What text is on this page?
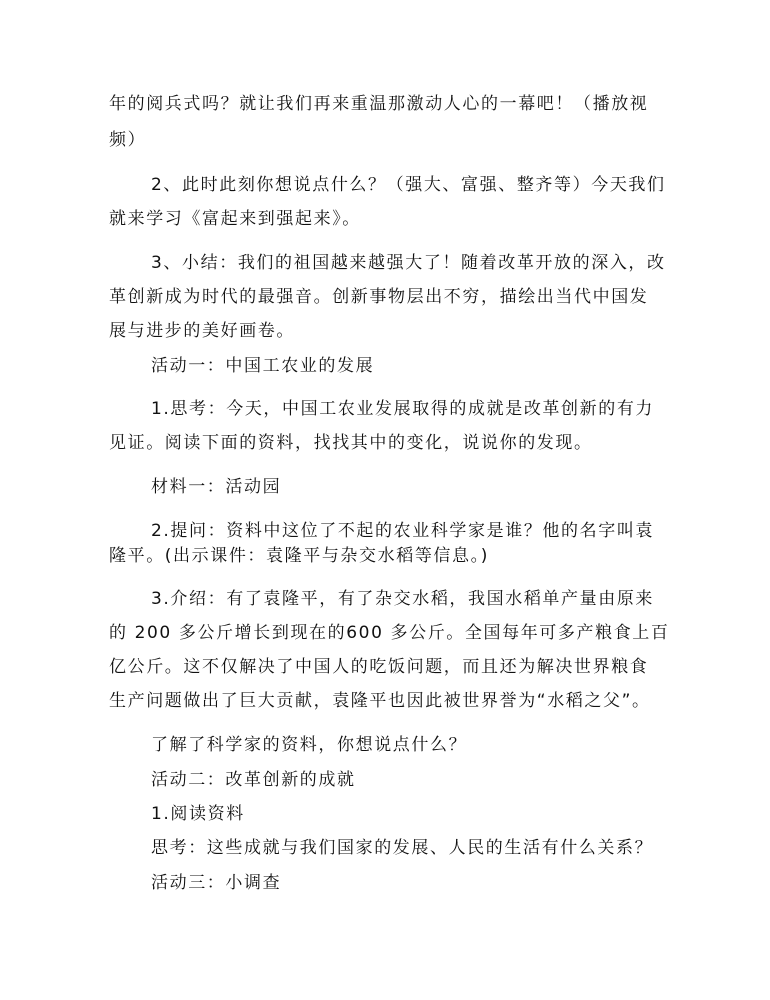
年的阅兵式吗？就让我们再来重温那激动人心的一幕吧！（播放视
频）
2、此时此刻你想说点什么？（强大、富强、整齐等）今天我们
就来学习《富起来到强起来》。
3、小结：我们的祖国越来越强大了！随着改革开放的深入，改
革创新成为时代的最强音。创新事物层出不穷，描绘出当代中国发
展与进步的美好画卷。
活动一：中国工农业的发展
1.思考：今天，中国工农业发展取得的成就是改革创新的有力
见证。阅读下面的资料，找找其中的变化，说说你的发现。
材料一：活动园
2.提问：资料中这位了不起的农业科学家是谁？他的名字叫袁
隆平。(出示课件：袁隆平与杂交水稻等信息。)
3.介绍：有了袁隆平，有了杂交水稻，我国水稻单产量由原来
的 200 多公斤增长到现在的600 多公斤。全国每年可多产粮食上百
亿公斤。这不仅解决了中国人的吃饭问题，而且还为解决世界粮食
生产问题做出了巨大贡献，袁隆平也因此被世界誉为“水稻之父”。
了解了科学家的资料，你想说点什么？
活动二：改革创新的成就
1.阅读资料
思考：这些成就与我们国家的发展、人民的生活有什么关系？
活动三：小调查
